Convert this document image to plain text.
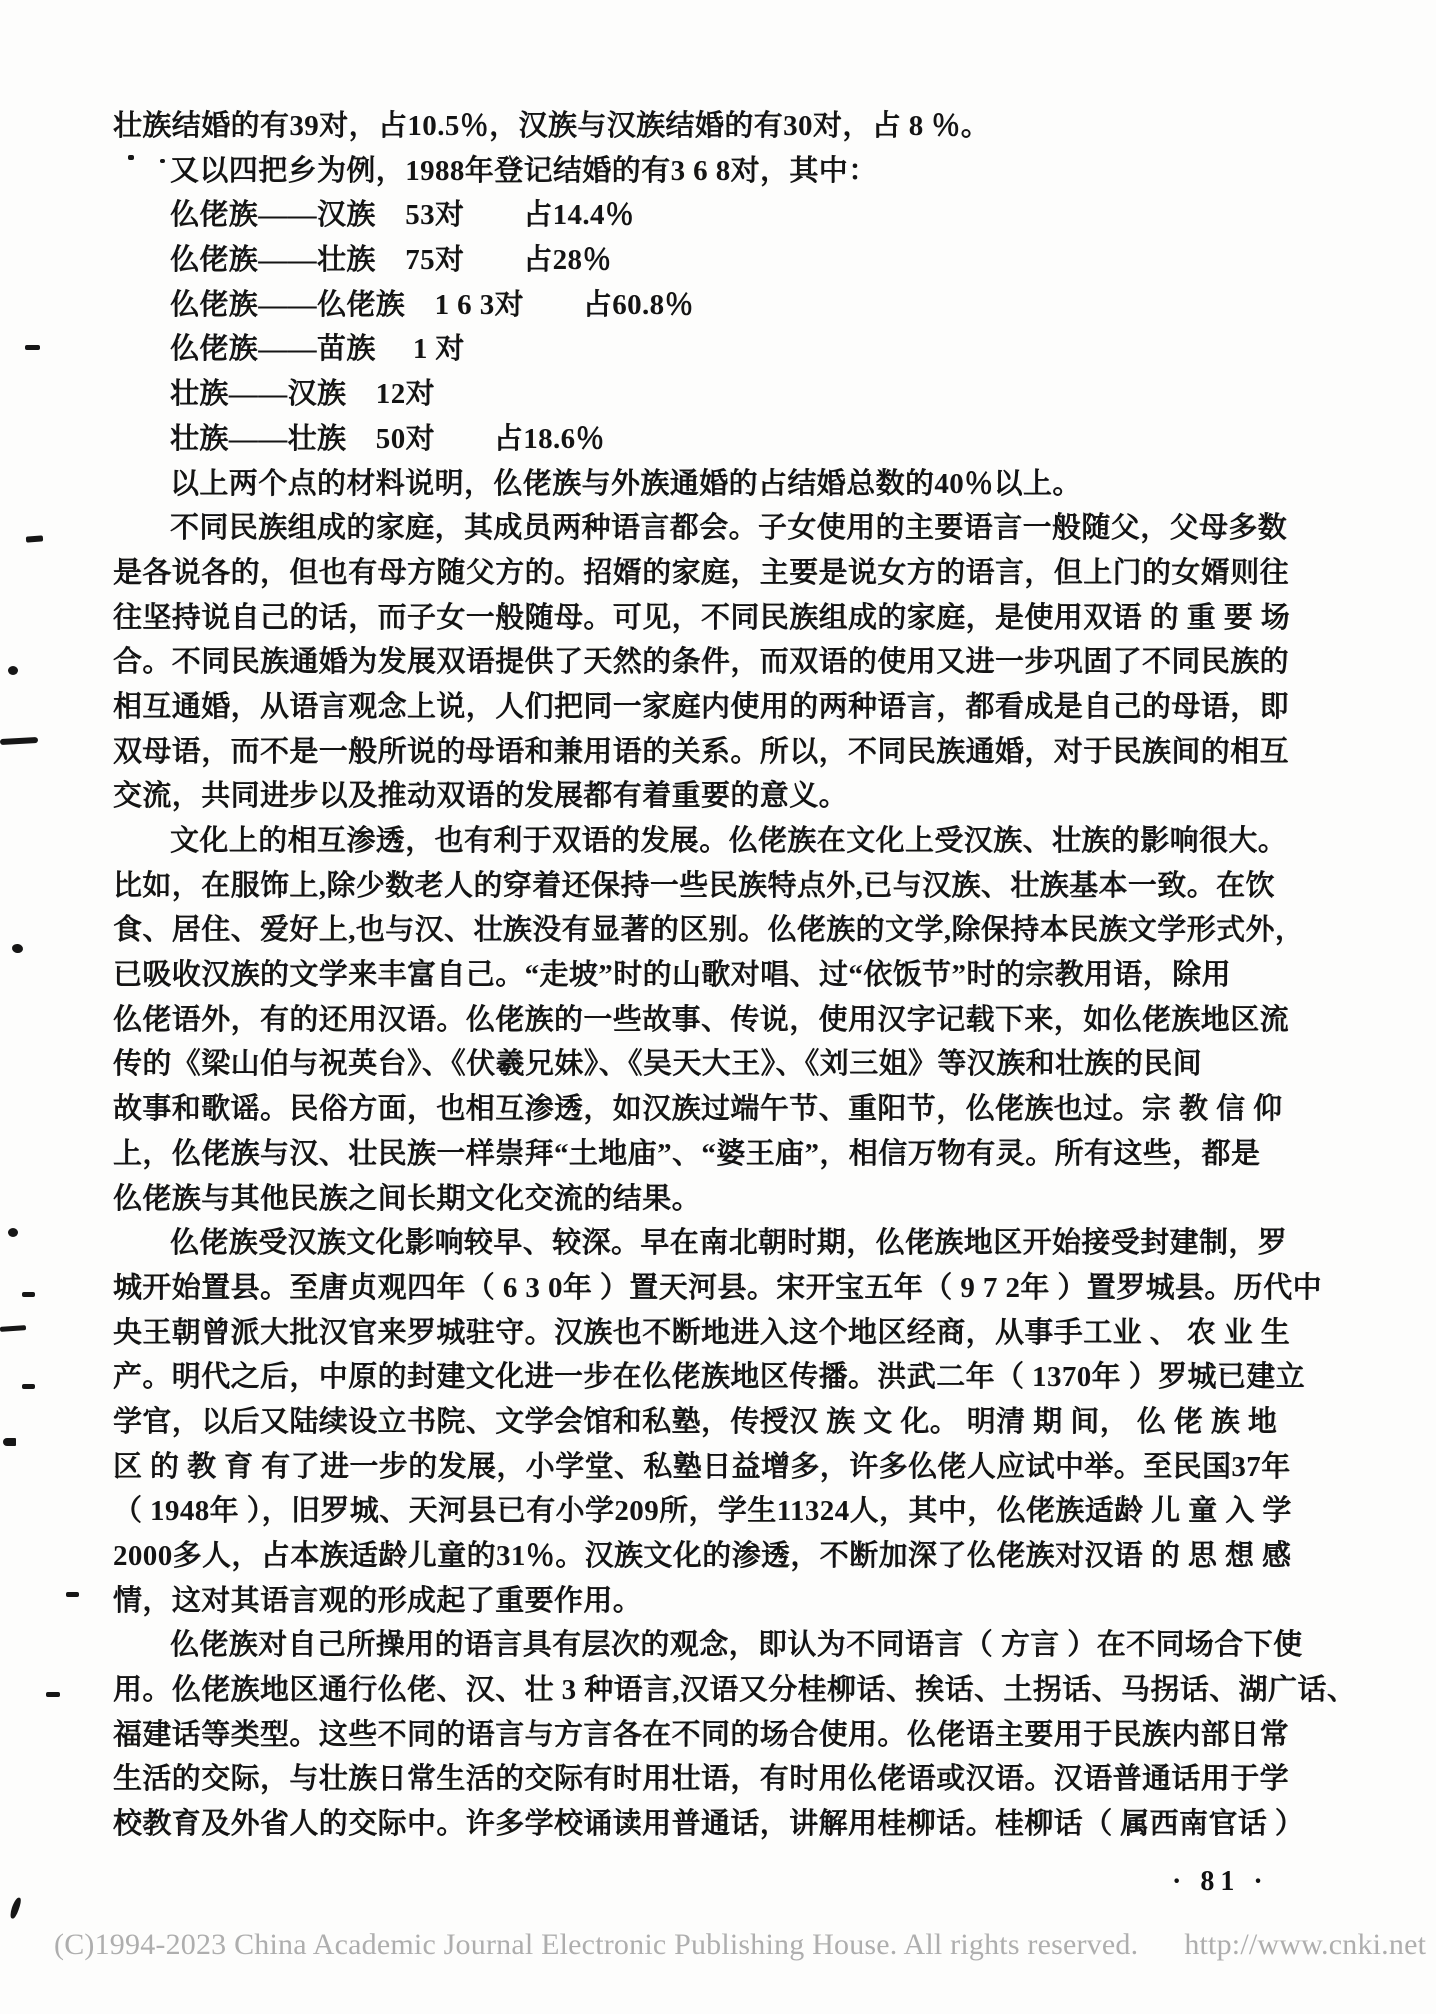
壮族结婚的有39对，占10.5％，汉族与汉族结婚的有30对，占 8 ％。
又以四把乡为例，1988年登记结婚的有3 6 8对，其中：
仫佬族——汉族　53对　　占14.4％
仫佬族——壮族　75对　　占28％
仫佬族——仫佬族　1 6 3对　　占60.8％
仫佬族——苗族　 1 对
壮族——汉族　12对
壮族——壮族　50对　　占18.6％
以上两个点的材料说明，仫佬族与外族通婚的占结婚总数的40％以上。
不同民族组成的家庭，其成员两种语言都会。子女使用的主要语言一般随父，父母多数
是各说各的，但也有母方随父方的。招婿的家庭，主要是说女方的语言，但上门的女婿则往
往坚持说自己的话，而子女一般随母。可见，不同民族组成的家庭，是使用双语 的 重 要 场
合。不同民族通婚为发展双语提供了天然的条件，而双语的使用又进一步巩固了不同民族的
相互通婚，从语言观念上说，人们把同一家庭内使用的两种语言，都看成是自己的母语，即
双母语，而不是一般所说的母语和兼用语的关系。所以，不同民族通婚，对于民族间的相互
交流，共同进步以及推动双语的发展都有着重要的意义。
文化上的相互渗透，也有利于双语的发展。仫佬族在文化上受汉族、壮族的影响很大。
比如，在服饰上,除少数老人的穿着还保持一些民族特点外,已与汉族、壮族基本一致。在饮
食、居住、爱好上,也与汉、壮族没有显著的区别。仫佬族的文学,除保持本民族文学形式外，
已吸收汉族的文学来丰富自己。“走坡”时的山歌对唱、过“依饭节”时的宗教用语，除用
仫佬语外，有的还用汉语。仫佬族的一些故事、传说，使用汉字记载下来，如仫佬族地区流
传的《梁山伯与祝英台》、《伏羲兄妹》、《吴天大王》、《刘三姐》等汉族和壮族的民间
故事和歌谣。民俗方面，也相互渗透，如汉族过端午节、重阳节，仫佬族也过。宗 教 信 仰
上，仫佬族与汉、壮民族一样崇拜“土地庙”、“婆王庙”，相信万物有灵。所有这些，都是
仫佬族与其他民族之间长期文化交流的结果。
仫佬族受汉族文化影响较早、较深。早在南北朝时期，仫佬族地区开始接受封建制，罗
城开始置县。至唐贞观四年（ 6 3 0年 ）置天河县。宋开宝五年（ 9 7 2年 ）置罗城县。历代中
央王朝曾派大批汉官来罗城驻守。汉族也不断地进入这个地区经商，从事手工业 、 农 业 生
产。明代之后，中原的封建文化进一步在仫佬族地区传播。洪武二年（ 1370年 ）罗城已建立
学官，以后又陆续设立书院、文学会馆和私塾，传授汉 族 文 化。 明清 期 间， 仫 佬 族 地
区 的 教 育 有了进一步的发展，小学堂、私塾日益增多，许多仫佬人应试中举。至民国37年
（ 1948年 ），旧罗城、天河县已有小学209所，学生11324人，其中，仫佬族适龄 儿 童 入 学
2000多人，占本族适龄儿童的31％。汉族文化的渗透，不断加深了仫佬族对汉语 的 思 想 感
情，这对其语言观的形成起了重要作用。
仫佬族对自己所操用的语言具有层次的观念，即认为不同语言（ 方言 ）在不同场合下使
用。仫佬族地区通行仫佬、汉、壮 3 种语言,汉语又分桂柳话、挨话、土拐话、马拐话、湖广话、
福建话等类型。这些不同的语言与方言各在不同的场合使用。仫佬语主要用于民族内部日常
生活的交际，与壮族日常生活的交际有时用壮语，有时用仫佬语或汉语。汉语普通话用于学
校教育及外省人的交际中。许多学校诵读用普通话，讲解用桂柳话。桂柳话（ 属西南官话 ）
· 81 ·
(C)1994-2023 China Academic Journal Electronic Publishing House. All rights reserved. http://www.cnki.net
